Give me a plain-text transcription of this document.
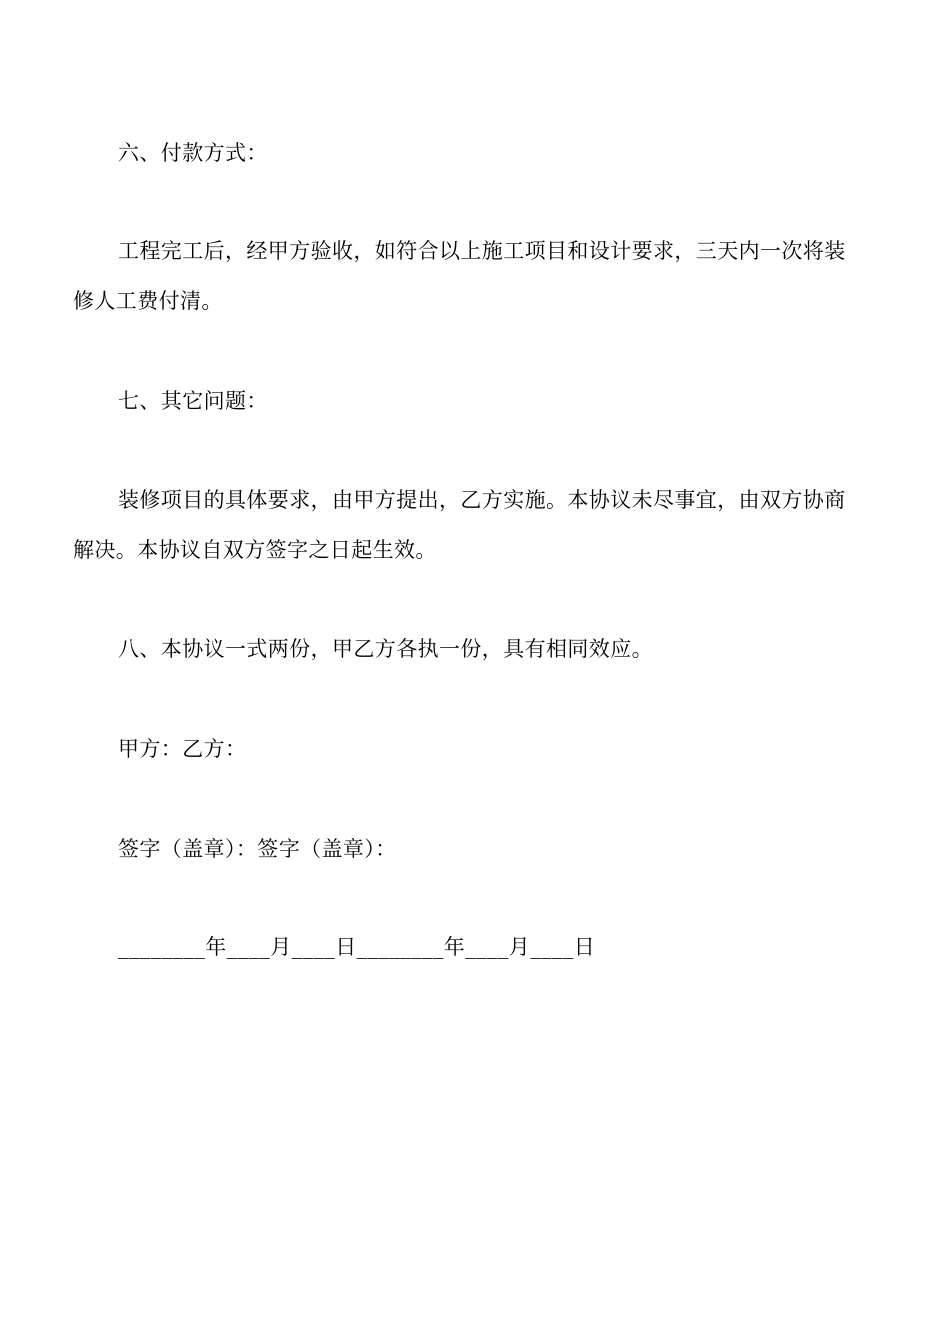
六、付款方式：
工程完工后，经甲方验收，如符合以上施工项目和设计要求，三天内一次将装
修人工费付清。
七、其它问题：
装修项目的具体要求，由甲方提出，乙方实施。本协议未尽事宜，由双方协商
解决。本协议自双方签字之日起生效。
八、本协议一式两份，甲乙方各执一份，具有相同效应。
甲方：乙方：
签字（盖章）：签字（盖章）：
________年____月____日________年____月____日
